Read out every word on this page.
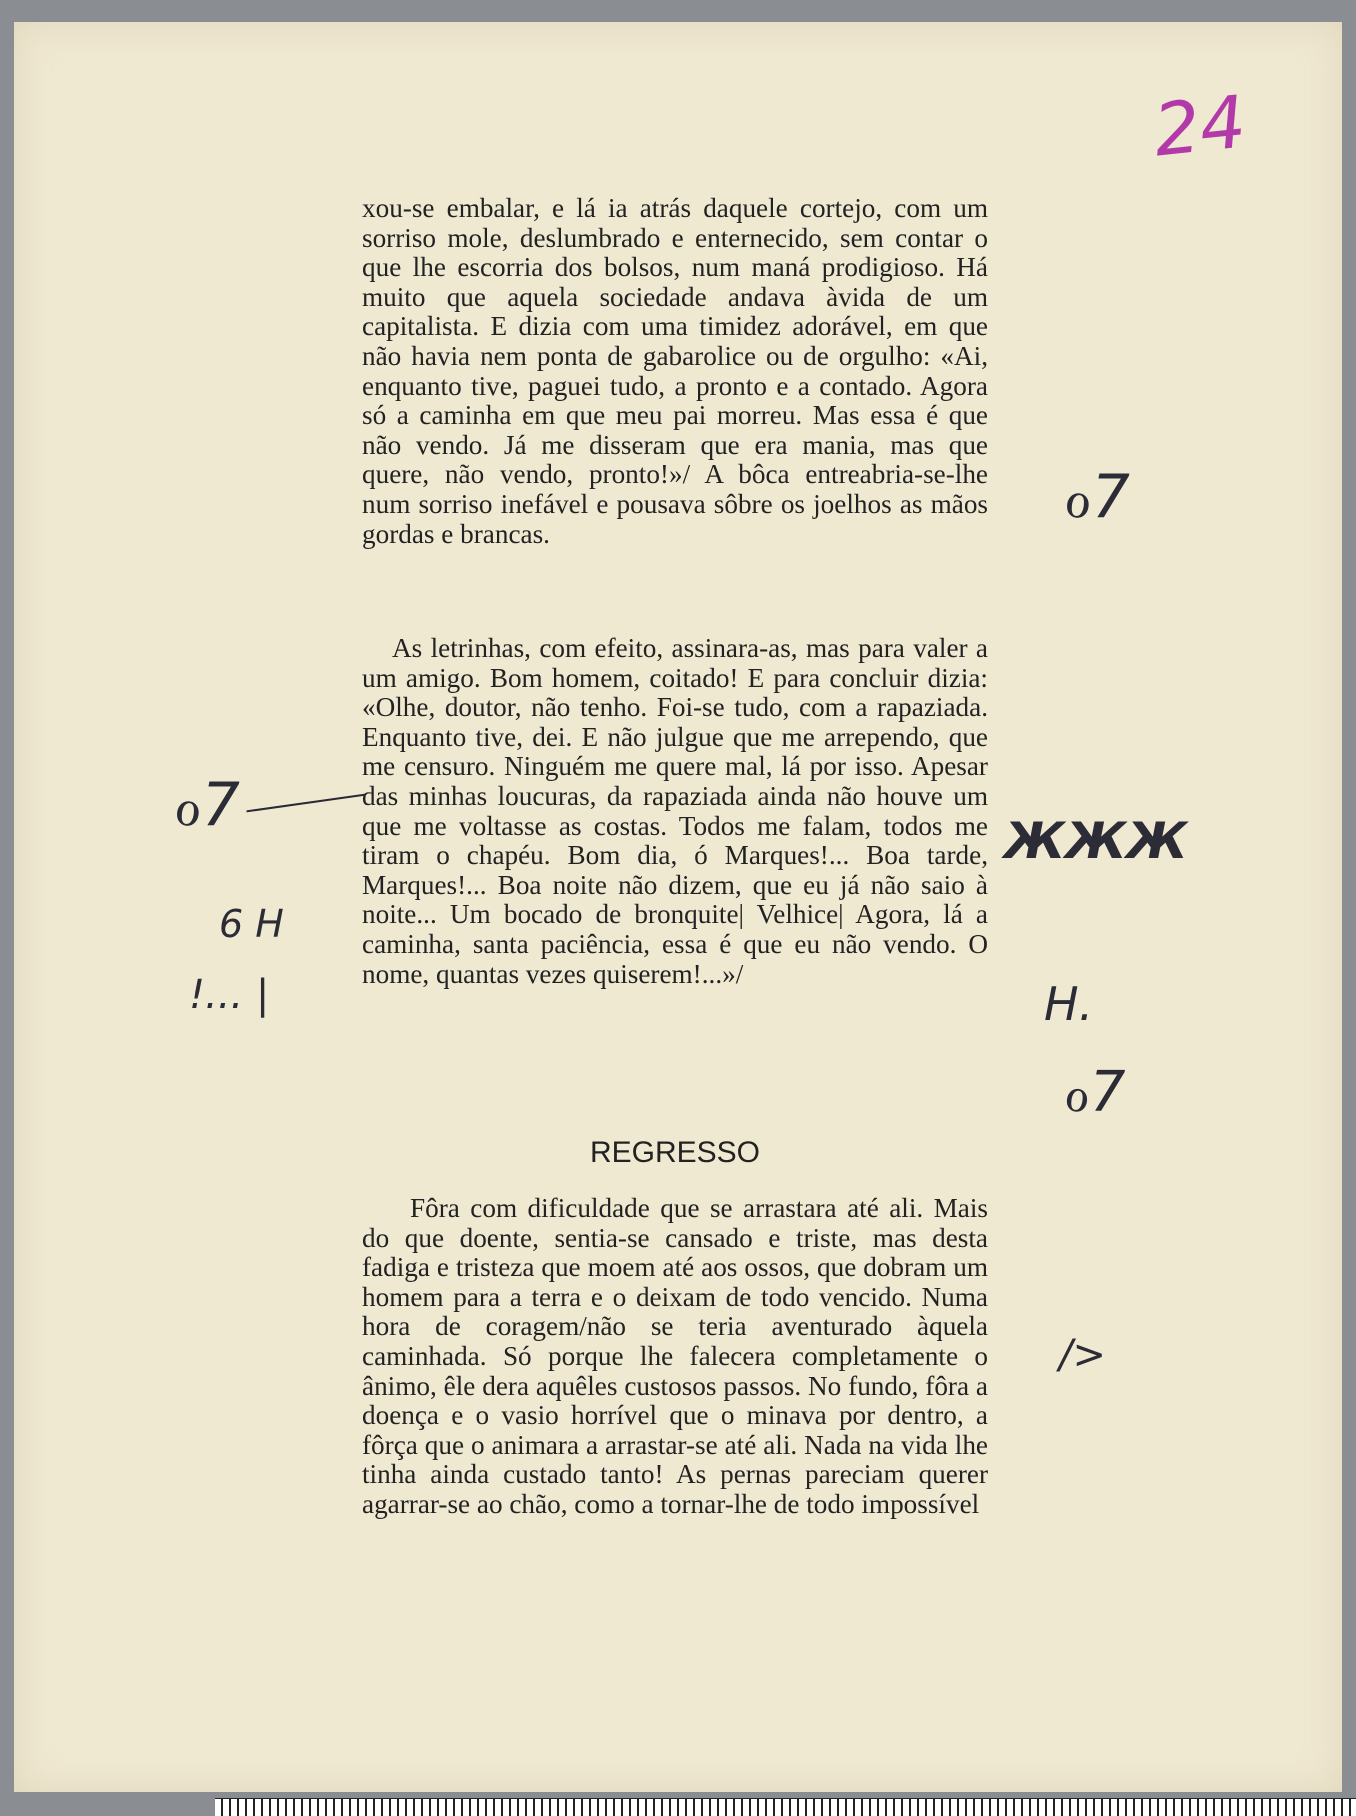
24

xou-se embalar, e lá ia atrás daquele cortejo, com um sorriso mole, deslumbrado e enternecido, sem contar o que lhe escorria dos bolsos, num maná prodigioso. Há muito que aquela sociedade andava àvida de um capitalista. E dizia com uma timidez adorável, em que não havia nem ponta de gabarolice ou de orgulho: «Ai, enquanto tive, paguei tudo, a pronto e a contado. Agora só a caminha em que meu pai morreu. Mas essa é que não vendo. Já me disseram que era mania, mas que quere, não vendo, pronto!»/ A bôca entreabria-se-lhe num sorriso inefável e pousava sôbre os joelhos as mãos gordas e brancas.

As letrinhas, com efeito, assinara-as, mas para valer a um amigo. Bom homem, coitado! E para concluir dizia: «Olhe, doutor, não tenho. Foi-se tudo, com a rapaziada. Enquanto tive, dei. E não julgue que me arrependo, que me censuro. Ninguém me quere mal, lá por isso. Apesar das minhas loucuras, da rapaziada ainda não houve um que me voltasse as costas. Todos me falam, todos me tiram o chapéu. Bom dia, ó Marques!... Boa tarde, Marques!... Boa noite não dizem, que eu já não saio à noite... Um bocado de bronquite| Velhice| Agora, lá a caminha, santa paciência, essa é que eu não vendo. O nome, quantas vezes quiserem!...»/

REGRESSO

Fôra com dificuldade que se arrastara até ali. Mais do que doente, sentia-se cansado e triste, mas desta fadiga e tristeza que moem até aos ossos, que dobram um homem para a terra e o deixam de todo vencido. Numa hora de coragem/não se teria aventurado àquela caminhada. Só porque lhe falecera completamente o ânimo, êle dera aquêles custosos passos. No fundo, fôra a doença e o vasio horrível que o minava por dentro, a fôrça que o animara a arrastar-se até ali. Nada na vida lhe tinha ainda custado tanto! As pernas pareciam querer agarrar-se ao chão, como a tornar-lhe de todo impossível

ℴ7
ℴ7
ЖЖЖ
6 H
!... |	H.
ℴ7
/>
